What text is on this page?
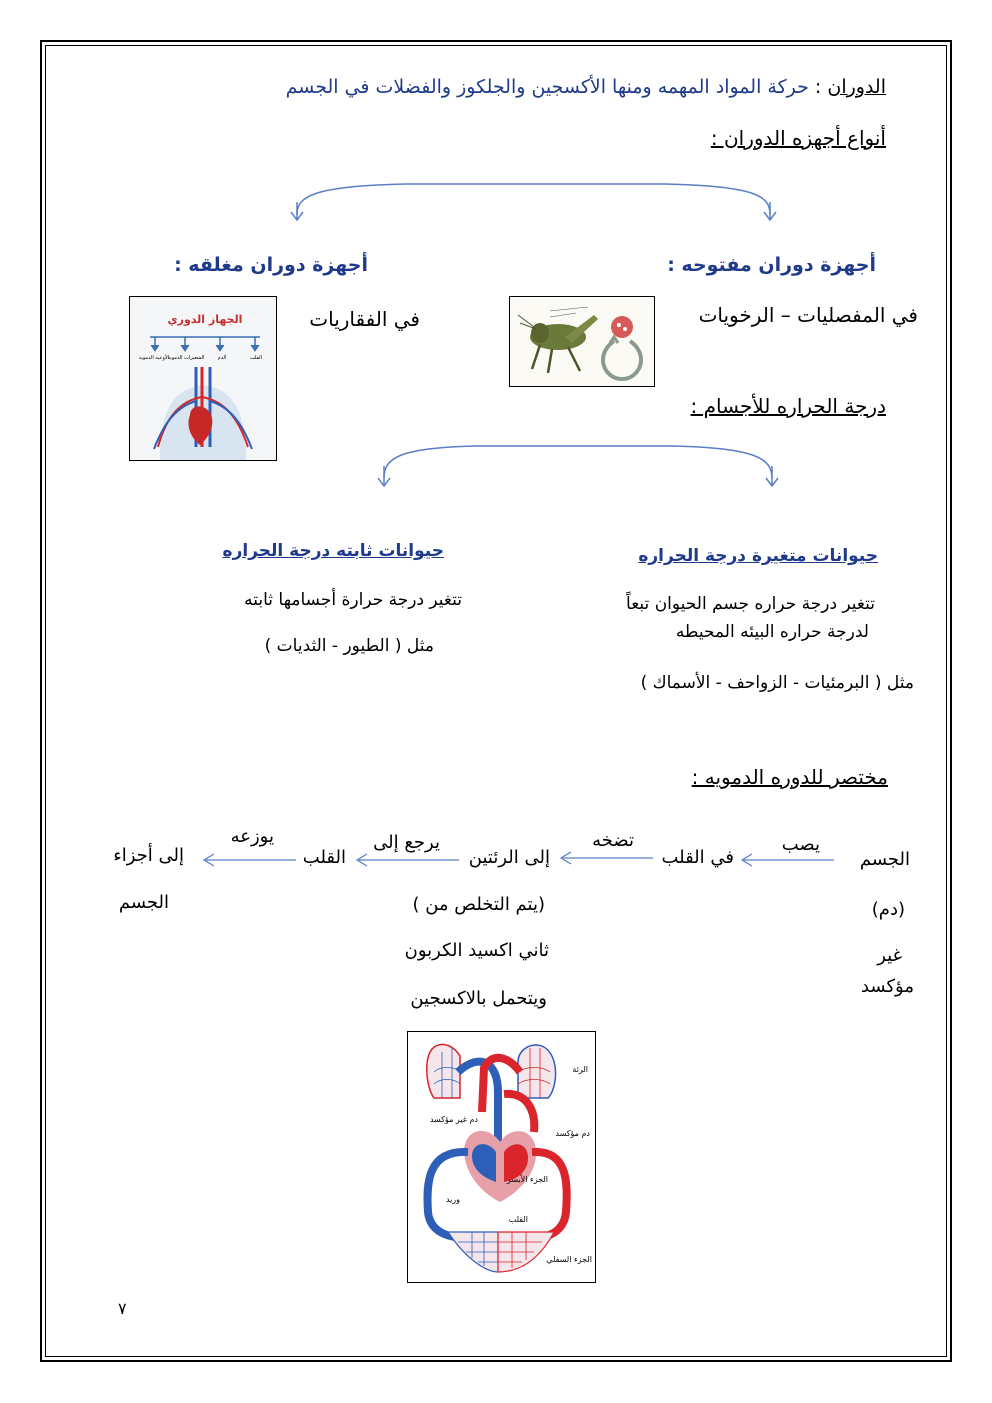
الدوران : حركة المواد المهمه ومنها الأكسجين والجلكوز والفضلات في الجسم
أنواع أجهزه الدوران :
أجهزة دوران مفتوحه :
أجهزة دوران مغلقه :
في المفصليات – الرخويات
في الفقاريات
الجهاز الدوري
القلب
الدم
الشعيرات الدموية
الأوعية الدموية
درجة الحراره للأجسام :
حيوانات متغيرة درجة الحراره
حيوانات ثابته درجة الحراره
تتغير درجة حراره جسم الحيوان تبعاً
لدرجة حراره البيئه المحيطه
تتغير درجة حرارة أجسامها ثابته
مثل ( الطيور - الثديات )
مثل ( البرمئيات - الزواحف - الأسماك )
مختصر للدوره الدمويه :
الجسم
(دم)
غير
مؤكسد
يصب
في القلب
تضخه
إلى الرئتين
يرجع إلى
القلب
يوزعه
إلى أجزاء
الجسم	(يتم التخلص من )
ثاني اكسيد الكربون
ويتحمل بالاكسجين
الرئة
دم غير مؤكسد
دم مؤكسد
الجزء الأيسر
وريد
القلب
الجزء السفلي
٧
